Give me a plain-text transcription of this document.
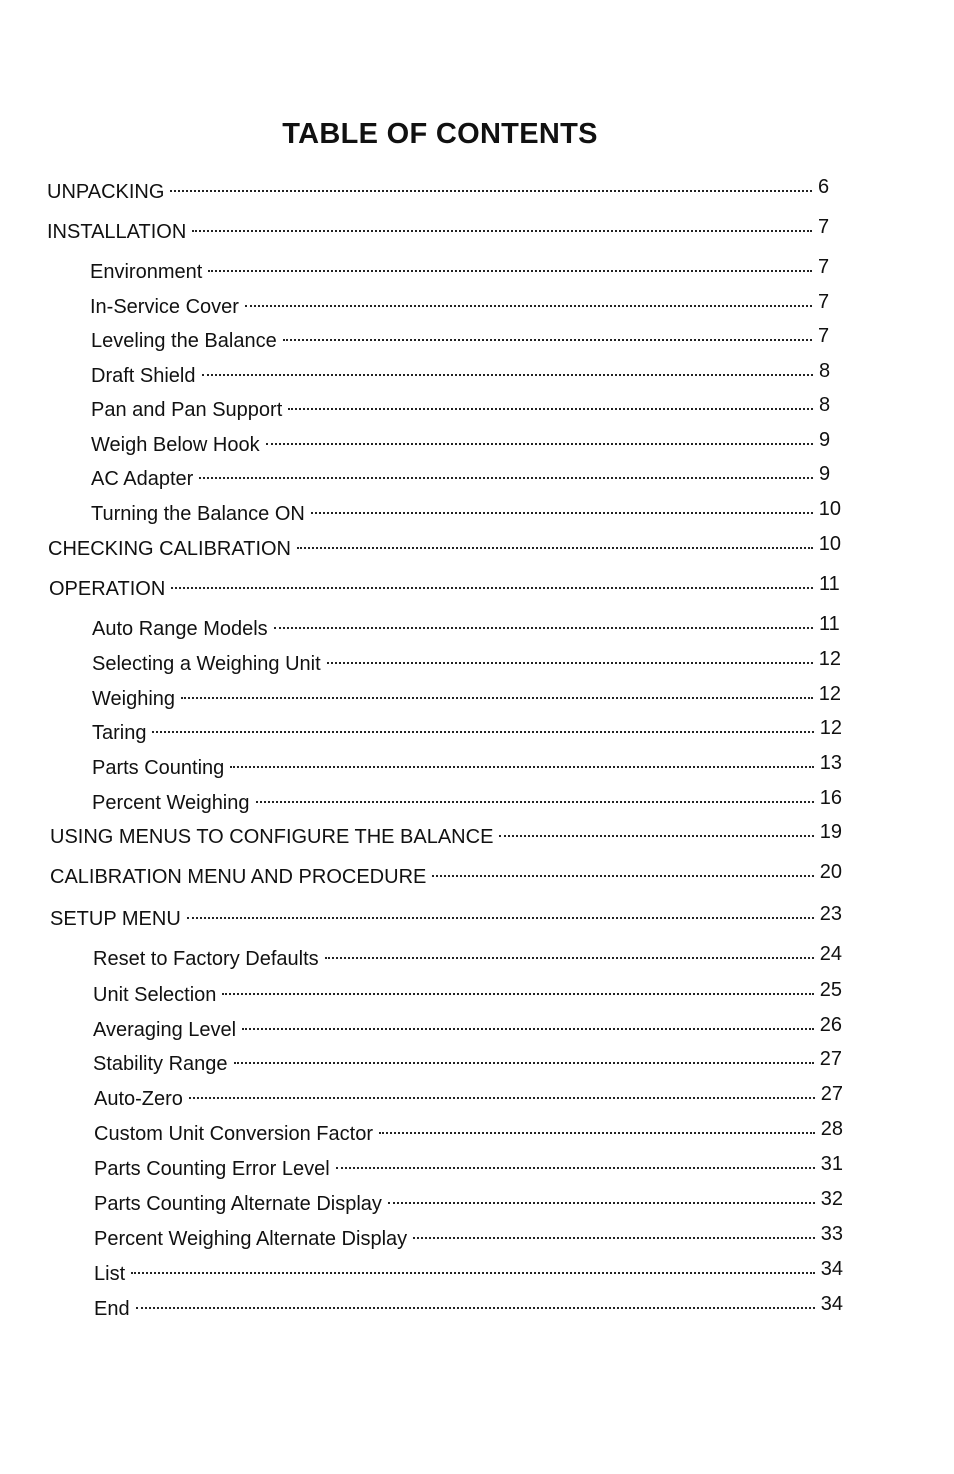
TABLE OF CONTENTS
UNPACKING	6
INSTALLATION	7
Environment	7
In-Service Cover	7
Leveling the Balance	7
Draft Shield	8
Pan and Pan Support	8
Weigh Below Hook	9
AC Adapter	9
Turning the Balance ON	10
CHECKING CALIBRATION	10
OPERATION	11
Auto Range Models	11
Selecting a Weighing Unit	12
Weighing	12
Taring	12
Parts Counting	13
Percent Weighing	16
USING MENUS TO CONFIGURE THE BALANCE	19
CALIBRATION MENU AND PROCEDURE	20
SETUP MENU	23
Reset to Factory Defaults	24
Unit Selection	25
Averaging Level	26
Stability Range	27
Auto-Zero	27
Custom Unit Conversion Factor	28
Parts Counting Error Level	31
Parts Counting Alternate Display	32
Percent Weighing Alternate Display	33
List	34
End	34
